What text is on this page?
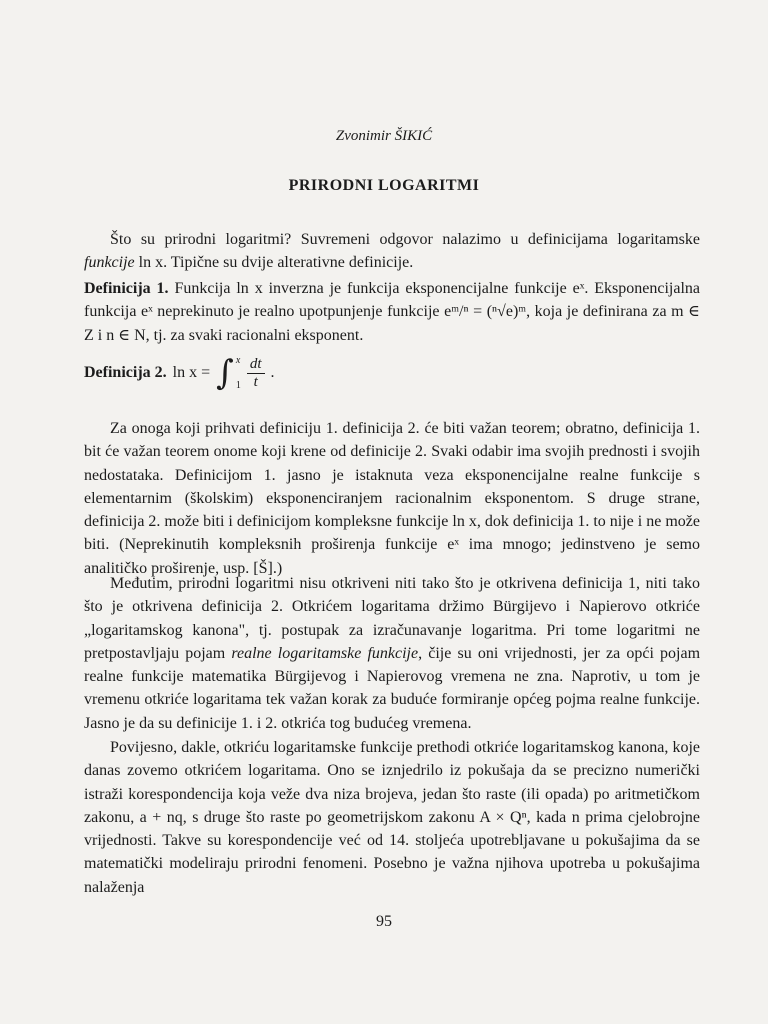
Zvonimir ŠIKIĆ
PRIRODNI LOGARITMI

Što su prirodni logaritmi? Suvremeni odgovor nalazimo u definicijama logaritamske funkcije ln x. Tipične su dvije alterativne definicije.

Definicija 1. Funkcija ln x inverzna je funkcija eksponencijalne funkcije eˣ. Eksponencijalna funkcija eˣ neprekinuto je realno upotpunjenje funkcije eᵐ/ⁿ = (ⁿ√e)ᵐ, koja je definirana za m ∈ Z i n ∈ N, tj. za svaki racionalni eksponent.

Definicija 2. ln x = ∫ x
$1 \frac{dt}{t}$ .

Za onoga koji prihvati definiciju 1. definicija 2. će biti važan teorem; obratno, definicija 1. bit će važan teorem onome koji krene od definicije 2. Svaki odabir ima svojih prednosti i svojih nedostataka. Definicijom 1. jasno je istaknuta veza eksponencijalne realne funkcije s elementarnim (školskim) eksponenciranjem racionalnim eksponentom. S druge strane, definicija 2. može biti i definicijom kompleksne funkcije ln x, dok definicija 1. to nije i ne može biti. (Neprekinutih kompleksnih proširenja funkcije eˣ ima mnogo; jedinstveno je semo analitičko proširenje, usp. [Š].)

Međutim, prirodni logaritmi nisu otkriveni niti tako što je otkrivena definicija 1, niti tako što je otkrivena definicija 2. Otkrićem logaritama držimo Bürgijevo i Napierovo otkriće „logaritamskog kanona", tj. postupak za izračunavanje logaritma. Pri tome logaritmi ne pretpostavljaju pojam realne logaritamske funkcije, čije su oni vrijednosti, jer za opći pojam realne funkcije matematika Bürgijevog i Napierovog vremena ne zna. Naprotiv, u tom je vremenu otkriće logaritama tek važan korak za buduće formiranje općeg pojma realne funkcije. Jasno je da su definicije 1. i 2. otkrića tog budućeg vremena.

Povijesno, dakle, otkriću logaritamske funkcije prethodi otkriće logaritamskog kanona, koje danas zovemo otkrićem logaritama. Ono se iznjedrilo iz pokušaja da se precizno numerički istraži korespondencija koja veže dva niza brojeva, jedan što raste (ili opada) po aritmetičkom zakonu, a + nq, s druge što raste po geometrijskom zakonu A × Qⁿ, kada n prima cjelobrojne vrijednosti. Takve su korespondencije već od 14. stoljeća upotrebljavane u pokušajima da se matematički modeliraju prirodni fenomeni. Posebno je važna njihova upotreba u pokušajima nalaženja

95
